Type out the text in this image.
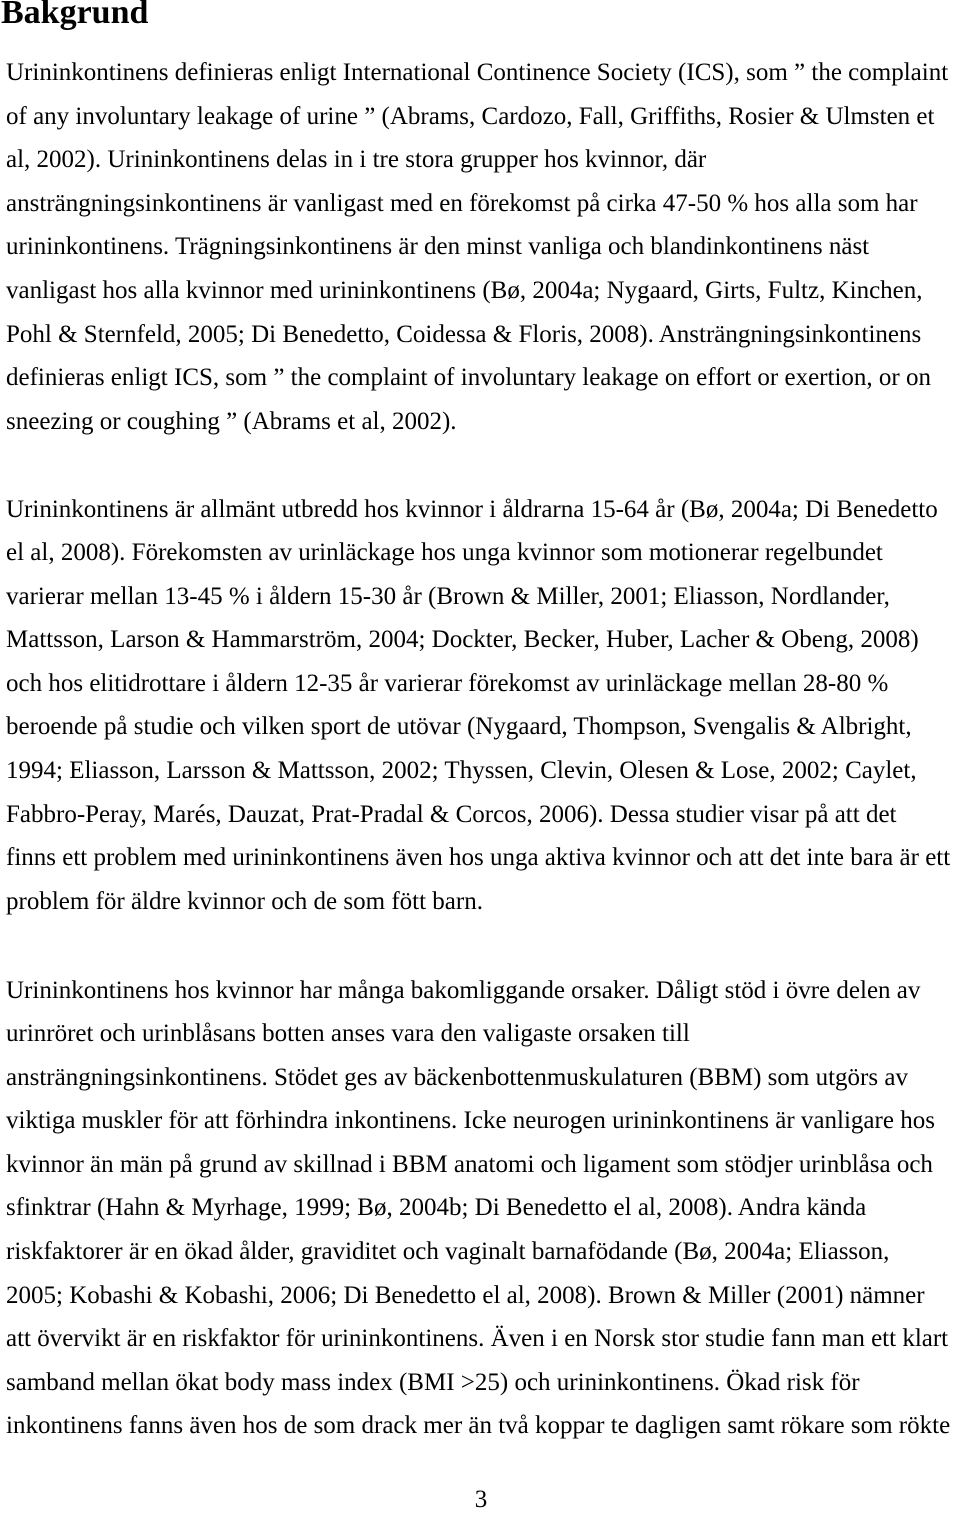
Bakgrund
Urininkontinens definieras enligt International Continence Society (ICS), som ” the complaint
of any involuntary leakage of urine ” (Abrams, Cardozo, Fall, Griffiths, Rosier & Ulmsten et
al, 2002). Urininkontinens delas in i tre stora grupper hos kvinnor, där
ansträngningsinkontinens är vanligast med en förekomst på cirka 47-50 % hos alla som har
urininkontinens. Trägningsinkontinens är den minst vanliga och blandinkontinens näst
vanligast hos alla kvinnor med urininkontinens (Bø, 2004a; Nygaard, Girts, Fultz, Kinchen,
Pohl & Sternfeld, 2005; Di Benedetto, Coidessa & Floris, 2008). Ansträngningsinkontinens
definieras enligt ICS, som ” the complaint of involuntary leakage on effort or exertion, or on
sneezing or coughing ” (Abrams et al, 2002).
Urininkontinens är allmänt utbredd hos kvinnor i åldrarna 15-64 år (Bø, 2004a; Di Benedetto
el al, 2008). Förekomsten av urinläckage hos unga kvinnor som motionerar regelbundet
varierar mellan 13-45 % i åldern 15-30 år (Brown & Miller, 2001; Eliasson, Nordlander,
Mattsson, Larson & Hammarström, 2004; Dockter, Becker, Huber, Lacher & Obeng, 2008)
och hos elitidrottare i åldern 12-35 år varierar förekomst av urinläckage mellan 28-80 %
beroende på studie och vilken sport de utövar (Nygaard, Thompson, Svengalis & Albright,
1994; Eliasson, Larsson & Mattsson, 2002; Thyssen, Clevin, Olesen & Lose, 2002; Caylet,
Fabbro-Peray, Marés, Dauzat, Prat-Pradal & Corcos, 2006). Dessa studier visar på att det
finns ett problem med urininkontinens även hos unga aktiva kvinnor och att det inte bara är ett
problem för äldre kvinnor och de som fött barn.
Urininkontinens hos kvinnor har många bakomliggande orsaker. Dåligt stöd i övre delen av
urinröret och urinblåsans botten anses vara den valigaste orsaken till
ansträngningsinkontinens. Stödet ges av bäckenbottenmuskulaturen (BBM) som utgörs av
viktiga muskler för att förhindra inkontinens. Icke neurogen urininkontinens är vanligare hos
kvinnor än män på grund av skillnad i BBM anatomi och ligament som stödjer urinblåsa och
sfinktrar (Hahn & Myrhage, 1999; Bø, 2004b; Di Benedetto el al, 2008). Andra kända
riskfaktorer är en ökad ålder, graviditet och vaginalt barnafödande (Bø, 2004a; Eliasson,
2005; Kobashi & Kobashi, 2006; Di Benedetto el al, 2008). Brown & Miller (2001) nämner
att övervikt är en riskfaktor för urininkontinens. Även i en Norsk stor studie fann man ett klart
samband mellan ökat body mass index (BMI >25) och urininkontinens. Ökad risk för
inkontinens fanns även hos de som drack mer än två koppar te dagligen samt rökare som rökte
3
